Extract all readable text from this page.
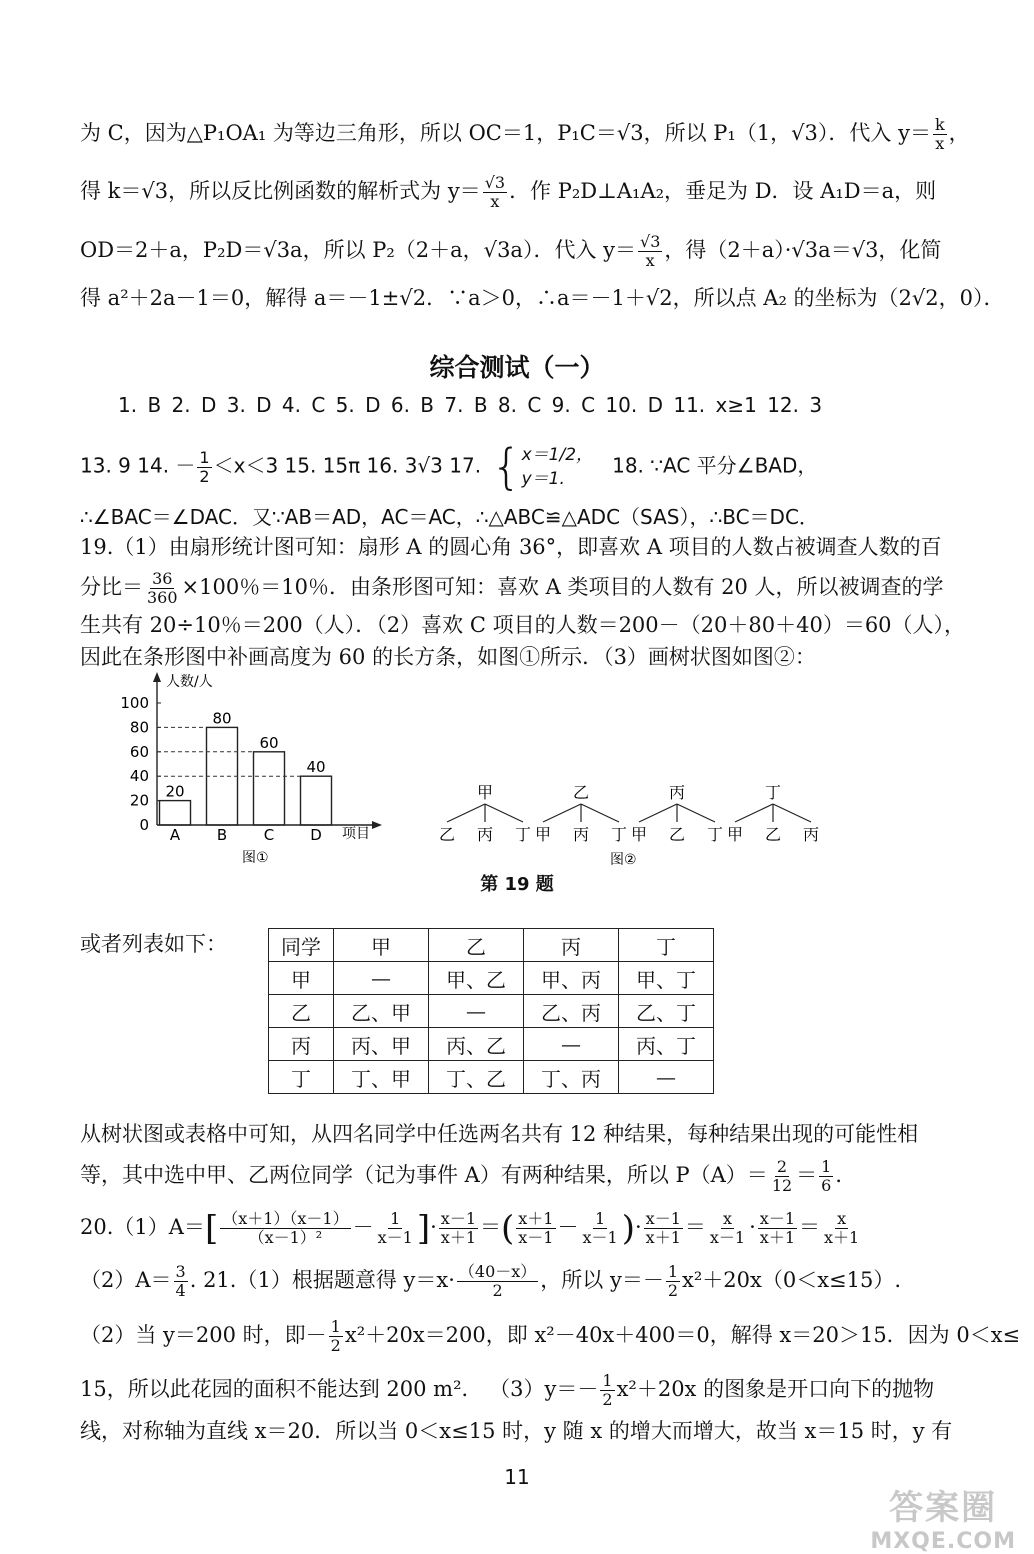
为 C，因为△P₁OA₁ 为等边三角形，所以 OC＝1，P₁C＝√3，所以 P₁（1，√3）．代入 $y= \frac{k}{x}$ ，
得 k＝√3，所以反比例函数的解析式为 $y= \frac{√3}{x}$ ．作 P₂D⊥A₁A₂，垂足为 D．设 A₁D＝a，则
OD＝2＋a，P₂D＝√3a，所以 P₂（2＋a，√3a）．代入 $y= \frac{√3}{x}$ ，得（2＋a）·√3a＝√3，化简
得 a²＋2a－1＝0，解得 a＝－1±√2．∵a＞0，∴a＝－1＋√2，所以点 A₂ 的坐标为（2√2，0）．
综合测试（一）
1. B 2. D 3. D 4. C 5. D 6. B 7. B 8. C 9. C 10. D 11. x≥1 12. 3
13. 9 14. － $\frac{1}{2} <x<3$ 15. 15π 16. 3√3 17. { x＝1/2，
y＝1.
18. ∵AC 平分∠BAD，
∴∠BAC＝∠DAC．又∵AB＝AD，AC＝AC，∴△ABC≌△ADC（SAS），∴BC＝DC．
19.（1）由扇形统计图可知：扇形 A 的圆心角 36°，即喜欢 A 项目的人数占被调查人数的百
分比＝ $\frac{36}{360} \times 100$％＝10％．由条形图可知：喜欢 A 类项目的人数有 20 人，所以被调查的学
生共有 20÷10％＝200（人）．（2）喜欢 C 项目的人数＝200－（20＋80＋40）＝60（人），
因此在条形图中补画高度为 60 的长方条，如图①所示．（3）画树状图如图②：
人数/人
项目
图①
0
20
40
60
80
100
20
A
80
B
60
C
40
D
甲
乙 丙 丁
乙
甲 丙 丁
丙
甲 乙 丁
丁
甲 乙 丙
图②
第 19 题
或者列表如下：	同学	甲	乙	丙	丁
甲	—	甲、乙	甲、丙	甲、丁
乙	乙、甲	—	乙、丙	乙、丁
丙	丙、甲	丙、乙	—	丙、丁
丁	丁、甲	丁、乙	丁、丙	—
从树状图或表格中可知，从四名同学中任选两名共有 12 种结果，每种结果出现的可能性相
等，其中选中甲、乙两位同学（记为事件 A）有两种结果，所以 $P(A)= \frac{2}{12} = \frac{1}{6}$ ．
$20.(1)A=[ \frac{(x+1)(x-1)}{\text{（x－1）²}} - \frac{1}{x-1}$ ]· $\frac{x-1}{x+1}$ ＝( $\frac{x+1}{x-1} - \frac{1}{x-1}$ )· $\frac{x-1}{x+1} = \frac{x}{x-1} \cdot \frac{x-1}{x+1} = \frac{x}{x+1}$
$(2)A= \frac{3}{4}$ . 21.（1）根据题意得 $y=x\cdot \frac{(40-x)}{2}$ ，所以 $y=- \frac{1}{2} x^2+20x(0<x\le 15)$.
（2）当 y＝200 时，即－ $\frac{1}{2} x^2+20x=200$，即 x²－40x＋400＝0，解得 x＝20＞15．因为 0＜x≤
15，所以此花园的面积不能达到 200 m²． $(3)y=- \frac{1}{2} x^2+20x$ 的图象是开口向下的抛物
线，对称轴为直线 x＝20．所以当 0＜x≤15 时，y 随 x 的增大而增大，故当 x＝15 时，y 有
11
答案圈
MXQE.COM
